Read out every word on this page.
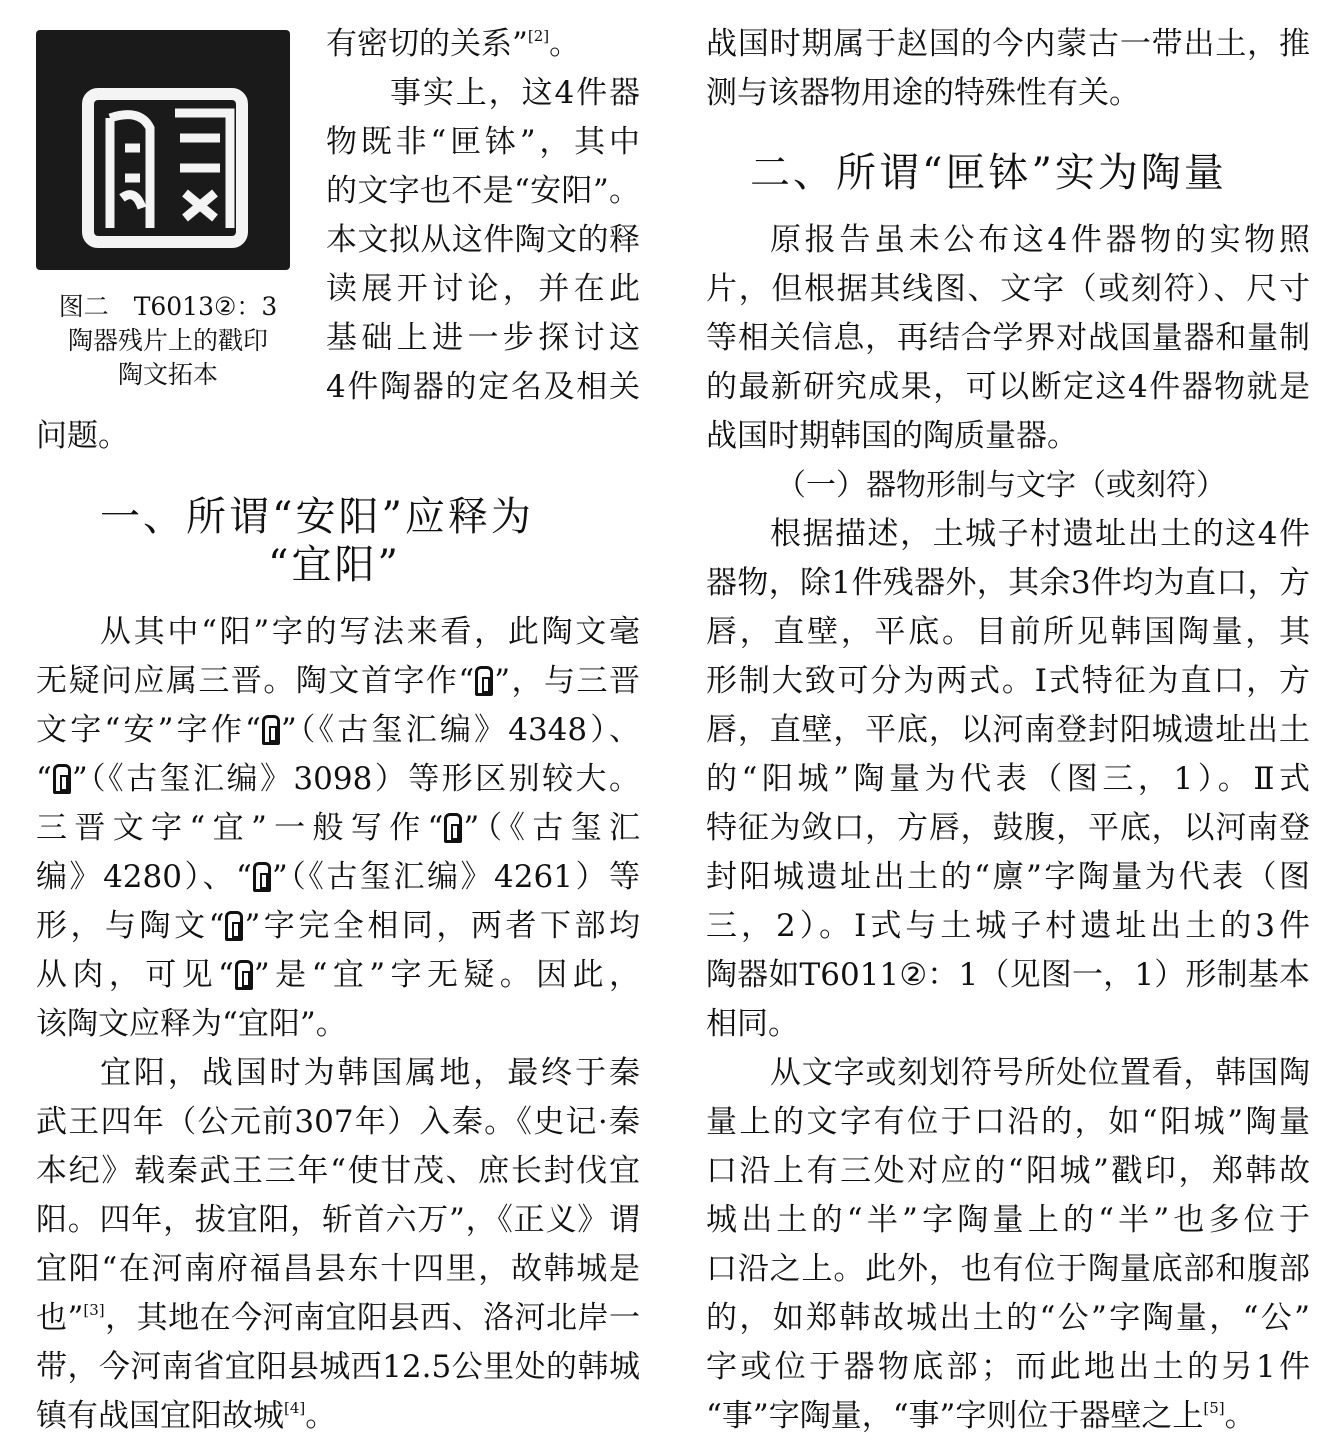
图二　T6013②：3
陶器残片上的戳印
陶文拓本
有密切的关系”[2]。
事实上，这4件器
物既非“匣钵”，其中
的文字也不是“安阳”。
本文拟从这件陶文的释
读展开讨论，并在此
基础上进一步探讨这
4件陶器的定名及相关
问题。
一、所谓“安阳”应释为
“宜阳”
从其中“阳”字的写法来看，此陶文毫
无疑问应属三晋。陶文首字作“ ”，与三晋
文字“安”字作“ ”（《古玺汇编》4348）、
“ ”（《古玺汇编》3098）等形区别较大。
三晋文字“宜”一般写作“ ”（《古玺汇
编》4280）、“ ”（《古玺汇编》4261）等
形，与陶文“ ”字完全相同，两者下部均
从肉，可见“ ”是“宜”字无疑。因此，
该陶文应释为“宜阳”。
宜阳，战国时为韩国属地，最终于秦
武王四年（公元前307年）入秦。《史记·秦
本纪》载秦武王三年“使甘茂、庶长封伐宜
阳。四年，拔宜阳，斩首六万”，《正义》谓
宜阳“在河南府福昌县东十四里，故韩城是
也”[3]，其地在今河南宜阳县西、洛河北岸一
带，今河南省宜阳县城西12.5公里处的韩城
镇有战国宜阳故城[4]。
战国时期属于赵国的今内蒙古一带出土，推
测与该器物用途的特殊性有关。
二、所谓“匣钵”实为陶量
原报告虽未公布这4件器物的实物照
片，但根据其线图、文字（或刻符）、尺寸
等相关信息，再结合学界对战国量器和量制
的最新研究成果，可以断定这4件器物就是
战国时期韩国的陶质量器。
（一）器物形制与文字（或刻符）
根据描述，土城子村遗址出土的这4件
器物，除1件残器外，其余3件均为直口，方
唇，直壁，平底。目前所见韩国陶量，其
形制大致可分为两式。Ⅰ式特征为直口，方
唇，直壁，平底，以河南登封阳城遗址出土
的“阳城”陶量为代表（图三，1）。Ⅱ式
特征为敛口，方唇，鼓腹，平底，以河南登
封阳城遗址出土的“廪”字陶量为代表（图
三，2）。Ⅰ式与土城子村遗址出土的3件
陶器如T6011②：1（见图一，1）形制基本
相同。
从文字或刻划符号所处位置看，韩国陶
量上的文字有位于口沿的，如“阳城”陶量
口沿上有三处对应的“阳城”戳印，郑韩故
城出土的“半”字陶量上的“半”也多位于
口沿之上。此外，也有位于陶量底部和腹部
的，如郑韩故城出土的“公”字陶量，“公”
字或位于器物底部；而此地出土的另1件
“事”字陶量，“事”字则位于器壁之上[5]。
